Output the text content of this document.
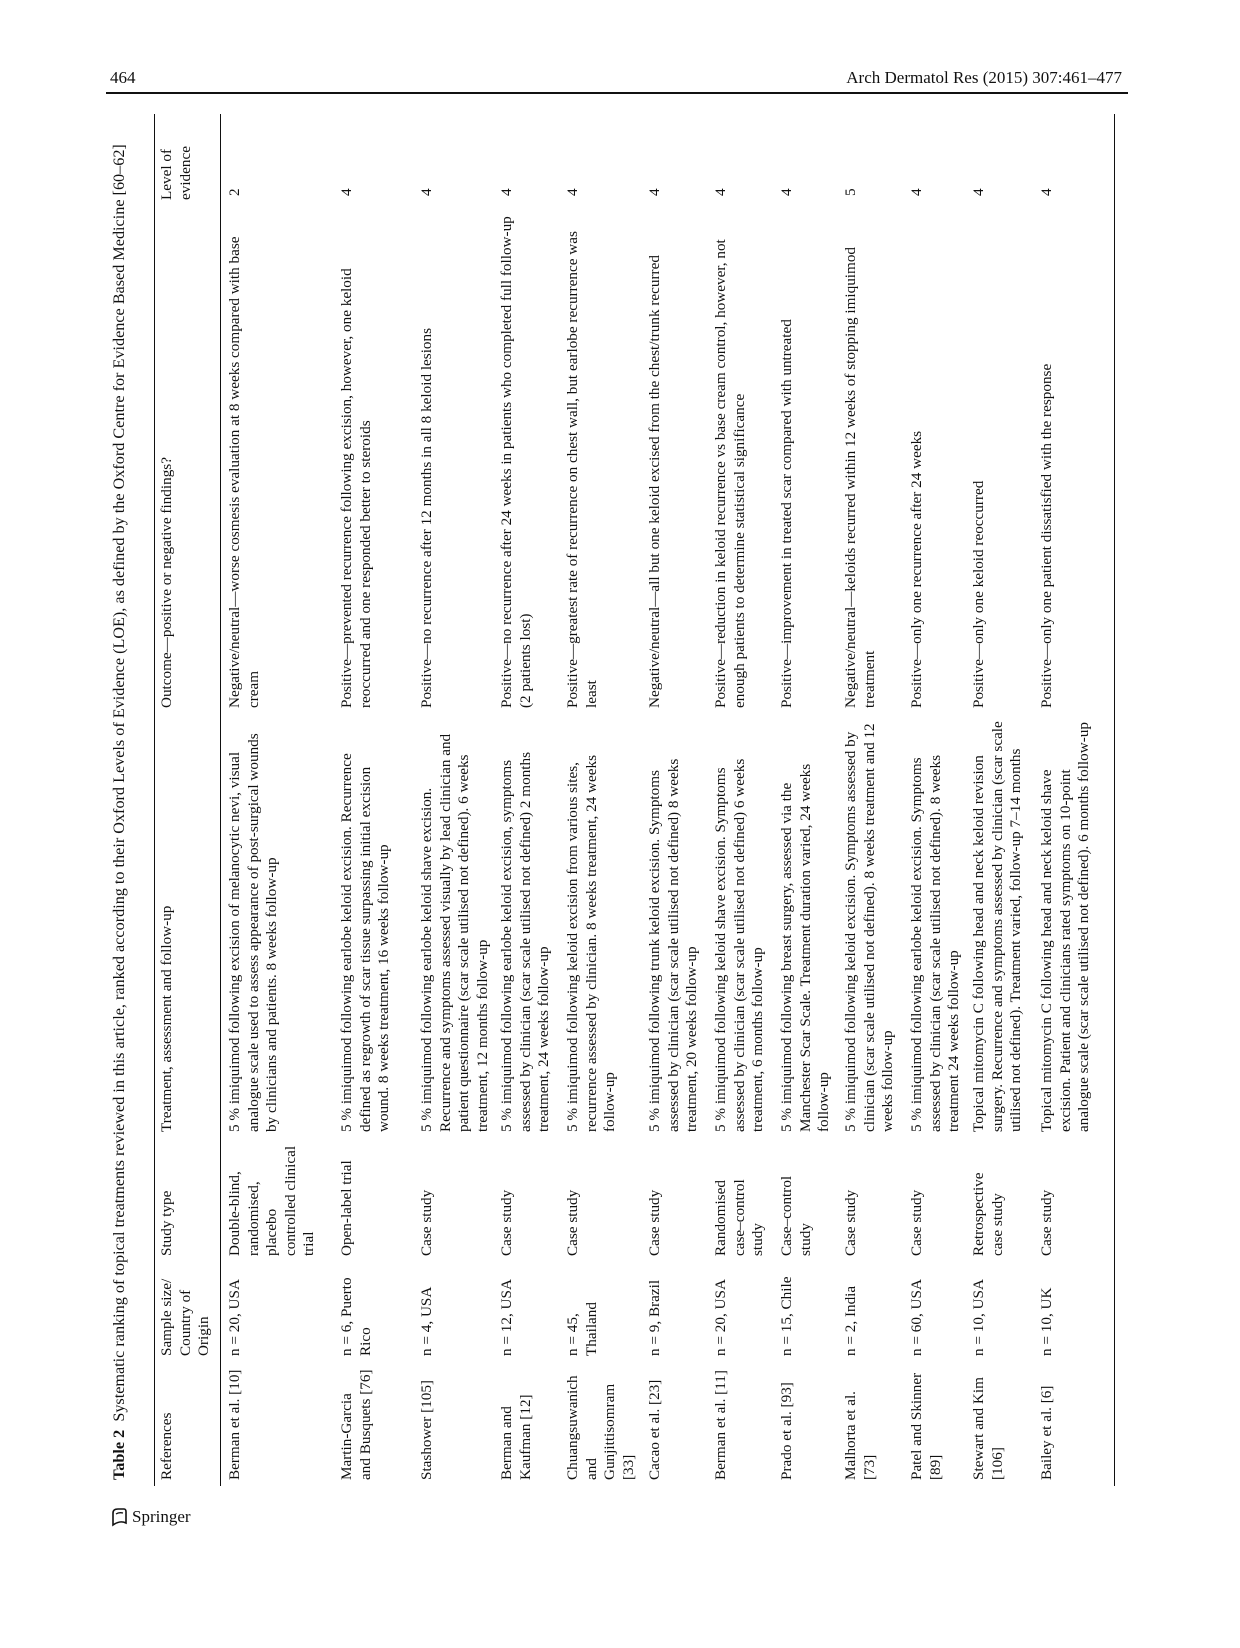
464	Arch Dermatol Res (2015) 307:461–477
Table 2  Systematic ranking of topical treatments reviewed in this article, ranked according to their Oxford Levels of Evidence (LOE), as defined by the Oxford Centre for Evidence Based Medicine [60–62]
References	Sample size/ Country of Origin	Study type	Treatment, assessment and follow-up	Outcome—positive or negative findings?	Level of evidence
Berman et al. [10]	n = 20, USA	Double-blind, randomised, placebo controlled clinical trial	5 % imiquimod following excision of melanocytic nevi, visual analogue scale used to assess appearance of post-surgical wounds by clinicians and patients. 8 weeks follow-up	Negative/neutral—worse cosmesis evaluation at 8 weeks compared with base cream	2
Martin-Garcia and Busquets [76]	n = 6, Puerto Rico	Open-label trial	5 % imiquimod following earlobe keloid excision. Recurrence defined as regrowth of scar tissue surpassing initial excision wound. 8 weeks treatment, 16 weeks follow-up	Positive—prevented recurrence following excision, however, one keloid reoccurred and one responded better to steroids	4
Stashower [105]	n = 4, USA	Case study	5 % imiquimod following earlobe keloid shave excision. Recurrence and symptoms assessed visually by lead clinician and patient questionnaire (scar scale utilised not defined). 6 weeks treatment, 12 months follow-up	Positive—no recurrence after 12 months in all 8 keloid lesions	4
Berman and Kaufman [12]	n = 12, USA	Case study	5 % imiquimod following earlobe keloid excision, symptoms assessed by clinician (scar scale utilised not defined) 2 months treatment, 24 weeks follow-up	Positive—no recurrence after 24 weeks in patients who completed full follow-up (2 patients lost)	4
Chuangsuwanich and Gunjittisomram [33]	n = 45, Thailand	Case study	5 % imiquimod following keloid excision from various sites, recurrence assessed by clinician. 8 weeks treatment, 24 weeks follow-up	Positive—greatest rate of recurrence on chest wall, but earlobe recurrence was least	4
Cacao et al. [23]	n = 9, Brazil	Case study	5 % imiquimod following trunk keloid excision. Symptoms assessed by clinician (scar scale utilised not defined) 8 weeks treatment, 20 weeks follow-up	Negative/neutral—all but one keloid excised from the chest/trunk recurred	4
Berman et al. [11]	n = 20, USA	Randomised case–control study	5 % imiquimod following keloid shave excision. Symptoms assessed by clinician (scar scale utilised not defined) 6 weeks treatment, 6 months follow-up	Positive—reduction in keloid recurrence vs base cream control, however, not enough patients to determine statistical significance	4
Prado et al. [93]	n = 15, Chile	Case–control study	5 % imiquimod following breast surgery, assessed via the Manchester Scar Scale. Treatment duration varied, 24 weeks follow-up	Positive—improvement in treated scar compared with untreated	4
Malhorta et al. [73]	n = 2, India	Case study	5 % imiquimod following keloid excision. Symptoms assessed by clinician (scar scale utilised not defined). 8 weeks treatment and 12 weeks follow-up	Negative/neutral—keloids recurred within 12 weeks of stopping imiquimod treatment	5
Patel and Skinner [89]	n = 60, USA	Case study	5 % imiquimod following earlobe keloid excision. Symptoms assessed by clinician (scar scale utilised not defined). 8 weeks treatment 24 weeks follow-up	Positive—only one recurrence after 24 weeks	4
Stewart and Kim [106]	n = 10, USA	Retrospective case study	Topical mitomycin C following head and neck keloid revision surgery. Recurrence and symptoms assessed by clinician (scar scale utilised not defined). Treatment varied, follow-up 7–14 months	Positive—only one keloid reoccurred	4
Bailey et al. [6]	n = 10, UK	Case study	Topical mitomycin C following head and neck keloid shave excision. Patient and clinicians rated symptoms on 10-point analogue scale (scar scale utilised not defined). 6 months follow-up	Positive—only one patient dissatisfied with the response	4
Springer
